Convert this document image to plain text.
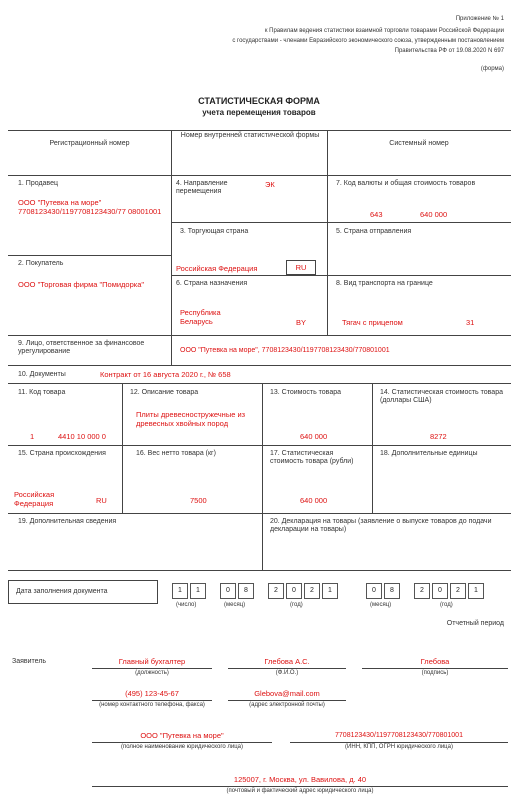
Приложение № 1
к Правилам ведения статистики взаимной торговли товарами Российской Федерации
с государствами - членами Евразийского экономического союза, утвержденным постановлением
Правительства РФ от 19.08.2020 N 697
(форма)
СТАТИСТИЧЕСКАЯ ФОРМА
учета перемещения товаров
Регистрационный номер
Номер внутренней статистической формы
Системный номер
1. Продавец
ООО "Путевка на море" 7708123430/1197708123430/77 08001001
4. Направление перемещения
ЭК	7. Код валюты и общая стоимость товаров
643	640 000
3. Торгующая страна	5. Страна отправления
2. Покупатель
ООО "Торговая фирма "Помидорка"
Российская Федерация	RU
6. Страна назначения
Республика Беларусь	BY
8. Вид транспорта на границе
Тягач с прицепом	31
9. Лицо, ответственное за финансовое урегулирование	ООО "Путевка на море", 7708123430/1197708123430/770801001
10. Документы	Контракт от 16 августа 2020 г., № 658
11. Код товара
1	4410 10 000 0
12. Описание товара
Плиты древесностружечные из древесных хвойных пород
13. Стоимость товара
640 000
14. Статистическая стоимость товара (доллары США)
8272
15. Страна происхождения
Российская Федерация	RU
16. Вес нетто товара (кг)
7500
17. Статистическая стоимость товара (рубли)
640 000
18. Дополнительные единицы
19. Дополнительная сведения	20. Декларация на товары (заявление о выпуске товаров до подачи декларации на товары)
Дата заполнения документа	1	1	0	8	2	0	2	1	0	8	2	0	2	1
(число)	(месяц)	(год)	(месяц)	(год)
Отчетный период
Заявитель	Главный бухгалтер
(должность)
Глебова А.С.
(Ф.И.О.)
Глебова
(подпись)
(495) 123-45-67
(номер контактного телефона, факса)
Glebova@mail.com
(адрес электронной почты)
ООО "Путевка на море"
(полное наименование юридического лица)
7708123430/1197708123430/770801001
(ИНН, КПП, ОГРН юридического лица)
125007, г. Москва, ул. Вавилова, д. 40
(почтовый и фактический адрес юридического лица)
